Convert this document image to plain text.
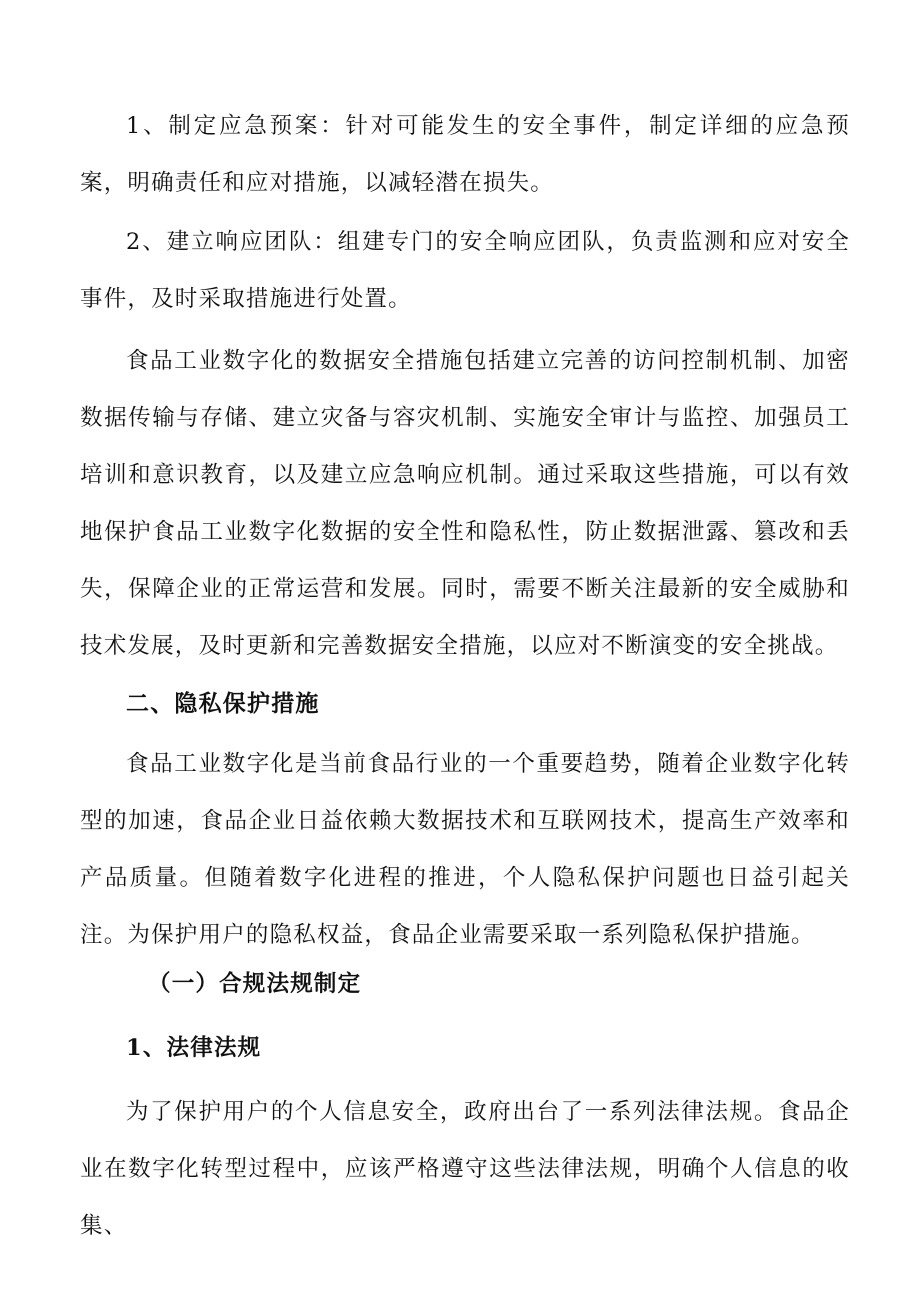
1、制定应急预案：针对可能发生的安全事件，制定详细的应急预案，明确责任和应对措施，以减轻潜在损失。

2、建立响应团队：组建专门的安全响应团队，负责监测和应对安全事件，及时采取措施进行处置。

食品工业数字化的数据安全措施包括建立完善的访问控制机制、加密数据传输与存储、建立灾备与容灾机制、实施安全审计与监控、加强员工培训和意识教育，以及建立应急响应机制。通过采取这些措施，可以有效地保护食品工业数字化数据的安全性和隐私性，防止数据泄露、篡改和丢失，保障企业的正常运营和发展。同时，需要不断关注最新的安全威胁和技术发展，及时更新和完善数据安全措施，以应对不断演变的安全挑战。

二、隐私保护措施

食品工业数字化是当前食品行业的一个重要趋势，随着企业数字化转型的加速，食品企业日益依赖大数据技术和互联网技术，提高生产效率和产品质量。但随着数字化进程的推进，个人隐私保护问题也日益引起关注。为保护用户的隐私权益，食品企业需要采取一系列隐私保护措施。

（一）合规法规制定
1、法律法规

为了保护用户的个人信息安全，政府出台了一系列法律法规。食品企业在数字化转型过程中，应该严格遵守这些法律法规，明确个人信息的收集、
